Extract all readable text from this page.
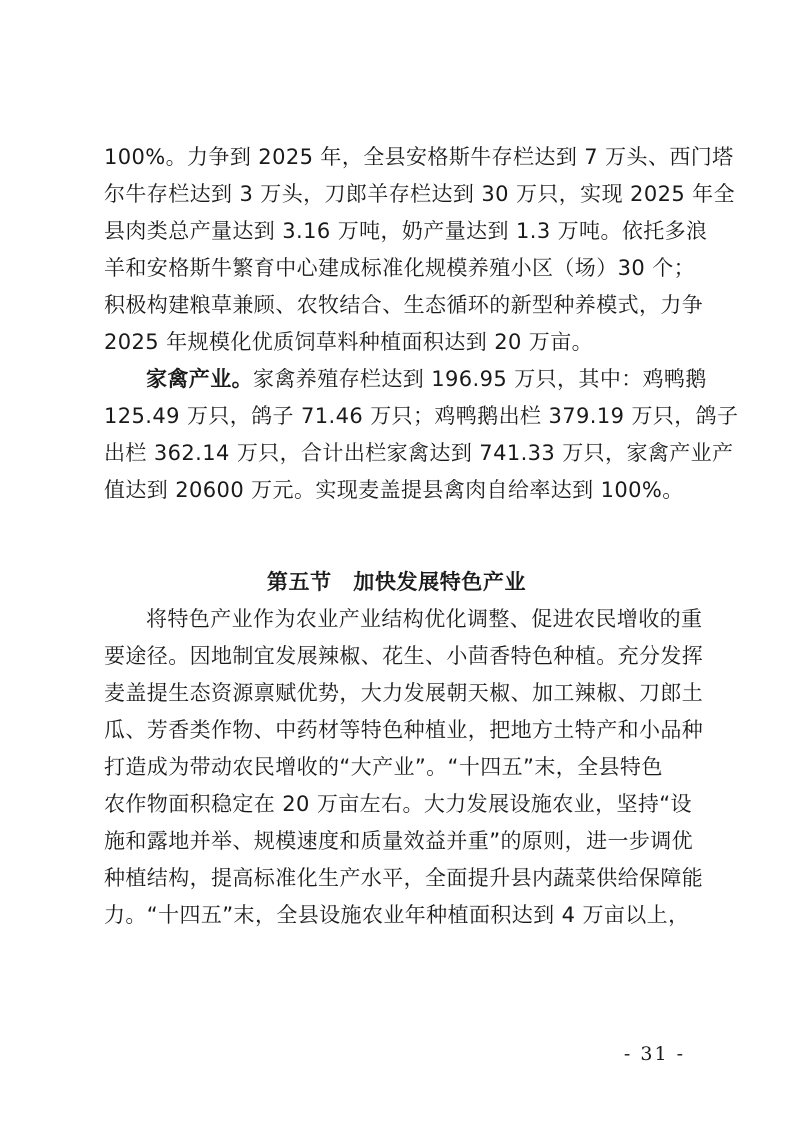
100%。力争到 2025 年，全县安格斯牛存栏达到 7 万头、西门塔
尔牛存栏达到 3 万头，刀郎羊存栏达到 30 万只，实现 2025 年全
县肉类总产量达到 3.16 万吨，奶产量达到 1.3 万吨。依托多浪
羊和安格斯牛繁育中心建成标准化规模养殖小区（场）30 个；
积极构建粮草兼顾、农牧结合、生态循环的新型种养模式，力争
2025 年规模化优质饲草料种植面积达到 20 万亩。
家禽产业。家禽养殖存栏达到 196.95 万只，其中：鸡鸭鹅
125.49 万只，鸽子 71.46 万只；鸡鸭鹅出栏 379.19 万只，鸽子
出栏 362.14 万只，合计出栏家禽达到 741.33 万只，家禽产业产
值达到 20600 万元。实现麦盖提县禽肉自给率达到 100%。
第五节　加快发展特色产业
将特色产业作为农业产业结构优化调整、促进农民增收的重
要途径。因地制宜发展辣椒、花生、小茴香特色种植。充分发挥
麦盖提生态资源禀赋优势，大力发展朝天椒、加工辣椒、刀郎土
瓜、芳香类作物、中药材等特色种植业，把地方土特产和小品种
打造成为带动农民增收的“大产业”。“十四五”末，全县特色
农作物面积稳定在 20 万亩左右。大力发展设施农业，坚持“设
施和露地并举、规模速度和质量效益并重”的原则，进一步调优
种植结构，提高标准化生产水平，全面提升县内蔬菜供给保障能
力。“十四五”末，全县设施农业年种植面积达到 4 万亩以上，
- 31 -
